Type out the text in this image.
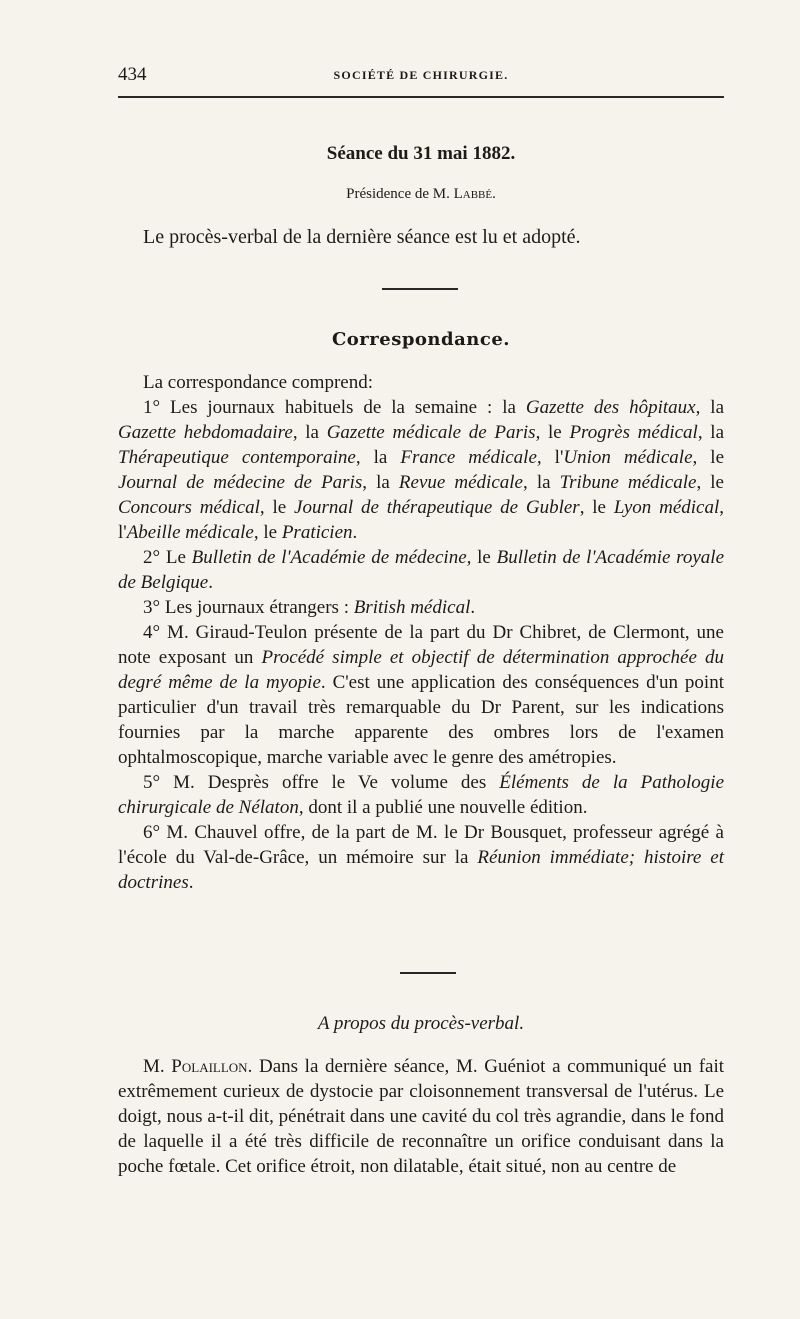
434	SOCIÉTÉ DE CHIRURGIE.
Séance du 31 mai 1882.
Présidence de M. Labbé.
Le procès-verbal de la dernière séance est lu et adopté.
Correspondance.

La correspondance comprend:

1° Les journaux habituels de la semaine : la Gazette des hôpitaux, la Gazette hebdomadaire, la Gazette médicale de Paris, le Progrès médical, la Thérapeutique contemporaine, la France médicale, l'Union médicale, le Journal de médecine de Paris, la Revue médicale, la Tribune médicale, le Concours médical, le Journal de thérapeutique de Gubler, le Lyon médical, l'Abeille médicale, le Praticien.

2° Le Bulletin de l'Académie de médecine, le Bulletin de l'Académie royale de Belgique.

3° Les journaux étrangers : British médical.

4° M. Giraud-Teulon présente de la part du Dr Chibret, de Clermont, une note exposant un Procédé simple et objectif de détermination approchée du degré même de la myopie. C'est une application des conséquences d'un point particulier d'un travail très remarquable du Dr Parent, sur les indications fournies par la marche apparente des ombres lors de l'examen ophtalmoscopique, marche variable avec le genre des amétropies.

5° M. Desprès offre le Ve volume des Éléments de la Pathologie chirurgicale de Nélaton, dont il a publié une nouvelle édition.

6° M. Chauvel offre, de la part de M. le Dr Bousquet, professeur agrégé à l'école du Val-de-Grâce, un mémoire sur la Réunion immédiate; histoire et doctrines.

A propos du procès-verbal.

M. Polaillon. Dans la dernière séance, M. Guéniot a communiqué un fait extrêmement curieux de dystocie par cloisonnement transversal de l'utérus. Le doigt, nous a-t-il dit, pénétrait dans une cavité du col très agrandie, dans le fond de laquelle il a été très difficile de reconnaître un orifice conduisant dans la poche fœtale. Cet orifice étroit, non dilatable, était situé, non au centre de
